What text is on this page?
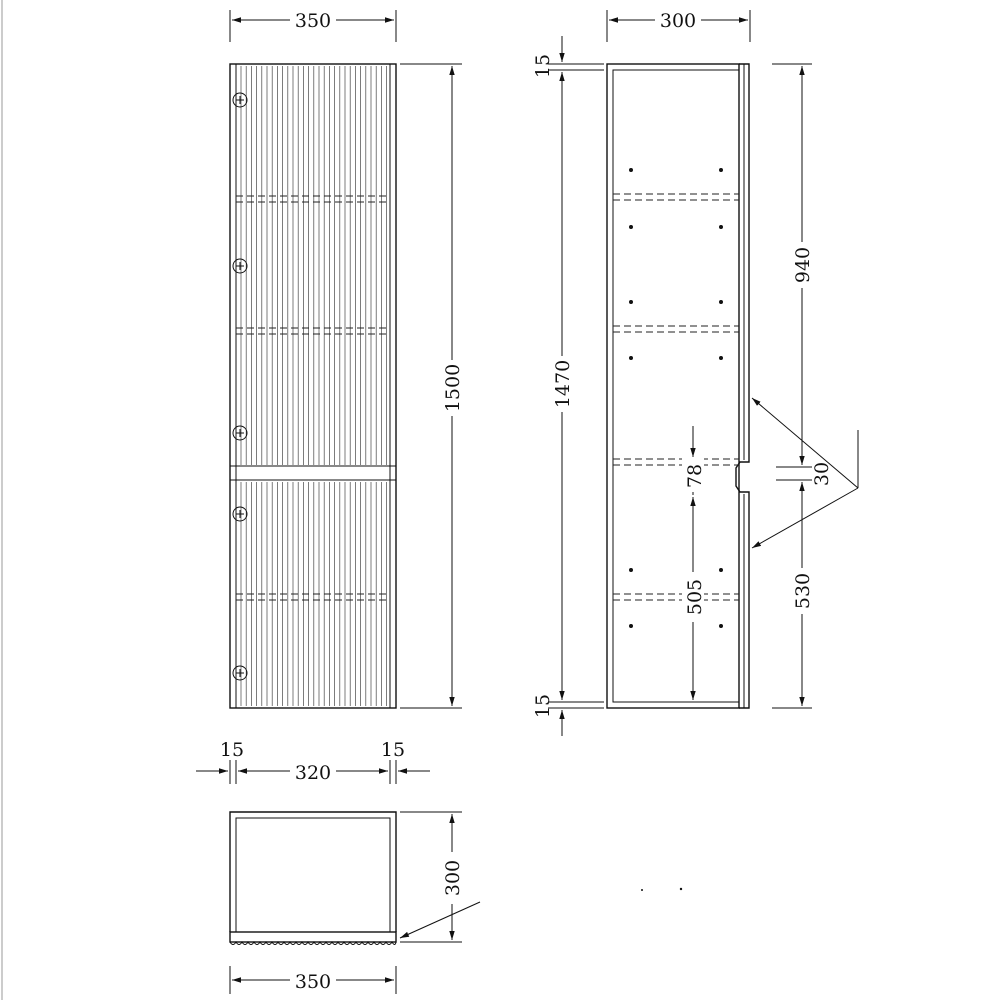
350
1500
300
15
1470
15
78
505
940
30
530
15
320
15
300
350
